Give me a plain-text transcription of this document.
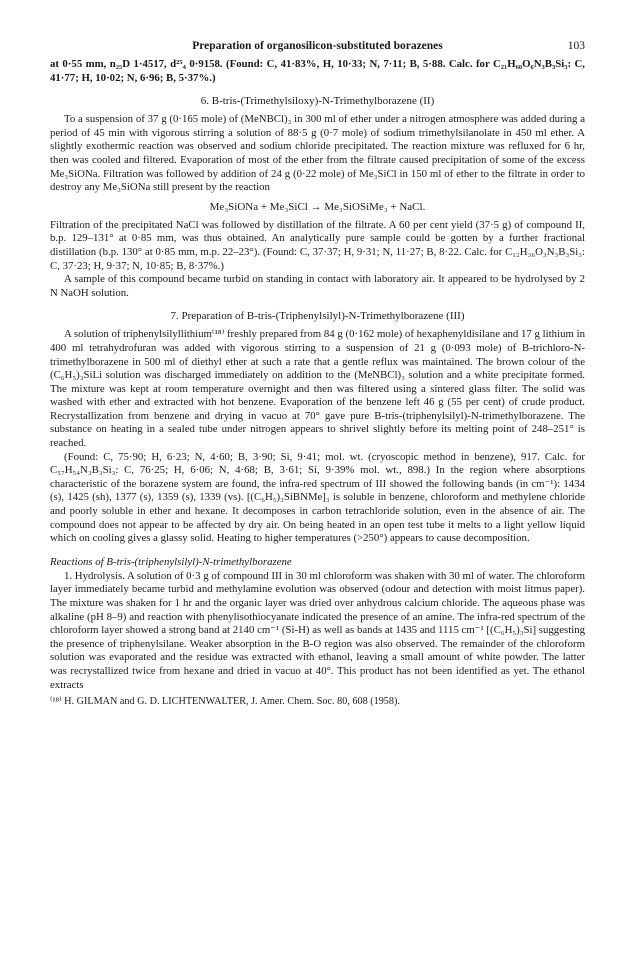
Preparation of organosilicon-substituted borazenes	103

at 0·55 mm, n₂₅D 1·4517, d²⁵₄ 0·9158. (Found: C, 41·83%, H, 10·33; N, 7·11; B, 5·88. Calc. for C₂₁H₆₀O₆N₃B₃Si₃: C, 41·77; H, 10·02; N, 6·96; B, 5·37%.)

6. B-tris-(Trimethylsiloxy)-N-Trimethylborazene (II)

To a suspension of 37 g (0·165 mole) of (MeNBCl)₃ in 300 ml of ether under a nitrogen atmosphere was added during a period of 45 min with vigorous stirring a solution of 88·5 g (0·7 mole) of sodium trimethylsilanolate in 450 ml ether. A slightly exothermic reaction was observed and sodium chloride precipitated. The reaction mixture was refluxed for 6 hr, then was cooled and filtered. Evaporation of most of the ether from the filtrate caused precipitation of some of the excess Me₃SiONa. Filtration was followed by addition of 24 g (0·22 mole) of Me₃SiCl in 150 ml of ether to the filtrate in order to destroy any Me₃SiONa still present by the reaction

Me₃SiONa + Me₃SiCl → Me₃SiOSiMe₃ + NaCl.

Filtration of the precipitated NaCl was followed by distillation of the filtrate. A 60 per cent yield (37·5 g) of compound II, b.p. 129–131° at 0·85 mm, was thus obtained. An analytically pure sample could be gotten by a further fractional distillation (b.p. 130° at 0·85 mm, m.p. 22–23°). (Found: C, 37·37; H, 9·31; N, 11·27; B, 8·22. Calc. for C₁₂H₃₆O₃N₃B₃Si₃: C, 37·23; H, 9·37; N, 10·85; B, 8·37%.)

A sample of this compound became turbid on standing in contact with laboratory air. It appeared to be hydrolysed by 2 N NaOH solution.

7. Preparation of B-tris-(Triphenylsilyl)-N-Trimethylborazene (III)

A solution of triphenylsilyllithium⁽¹⁸⁾ freshly prepared from 84 g (0·162 mole) of hexaphenyldisilane and 17 g lithium in 400 ml tetrahydrofuran was added with vigorous stirring to a suspension of 21 g (0·093 mole) of B-trichloro-N-trimethylborazene in 500 ml of diethyl ether at such a rate that a gentle reflux was maintained. The brown colour of the (C₆H₅)₃SiLi solution was discharged immediately on addition to the (MeNBCl)₃ solution and a white precipitate formed. The mixture was kept at room temperature overnight and then was filtered using a sintered glass filter. The solid was washed with ether and extracted with hot benzene. Evaporation of the benzene left 46 g (55 per cent) of crude product. Recrystallization from benzene and drying in vacuo at 70° gave pure B-tris-(triphenylsilyl)-N-trimethylborazene. The substance on heating in a sealed tube under nitrogen appears to shrivel slightly before its melting point of 248–251° is reached.

(Found: C, 75·90; H, 6·23; N, 4·60; B, 3·90; Si, 9·41; mol. wt. (cryoscopic method in benzene), 917. Calc. for C₅₇H₅₄N₃B₃Si₃: C, 76·25; H, 6·06; N, 4·68; B, 3·61; Si, 9·39% mol. wt., 898.) In the region where absorptions characteristic of the borazene system are found, the infra-red spectrum of III showed the following bands (in cm⁻¹): 1434 (s), 1425 (sh), 1377 (s), 1359 (s), 1339 (vs). [(C₆H₅)₃SiBNMe]₃ is soluble in benzene, chloroform and methylene chloride and poorly soluble in ether and hexane. It decomposes in carbon tetrachloride solution, even in the absence of air. The compound does not appear to be affected by dry air. On being heated in an open test tube it melts to a light yellow liquid which on cooling gives a glassy solid. Heating to higher temperatures (>250°) appears to cause decomposition.

Reactions of B-tris-(triphenylsilyl)-N-trimethylborazene

1. Hydrolysis. A solution of 0·3 g of compound III in 30 ml chloroform was shaken with 30 ml of water. The chloroform layer immediately became turbid and methylamine evolution was observed (odour and detection with moist litmus paper). The mixture was shaken for 1 hr and the organic layer was dried over anhydrous calcium chloride. The aqueous phase was alkaline (pH 8–9) and reaction with phenylisothiocyanate indicated the presence of an amine. The infra-red spectrum of the chloroform layer showed a strong band at 2140 cm⁻¹ (Si-H) as well as bands at 1435 and 1115 cm⁻¹ [(C₆H₅)₃Si] suggesting the presence of triphenylsilane. Weaker absorption in the B-O region was also observed. The remainder of the chloroform solution was evaporated and the residue was extracted with ethanol, leaving a small amount of white powder. The latter was recrystallized twice from hexane and dried in vacuo at 40°. This product has not been identified as yet. The ethanol extracts

⁽¹⁸⁾ H. GILMAN and G. D. LICHTENWALTER, J. Amer. Chem. Soc. 80, 608 (1958).
